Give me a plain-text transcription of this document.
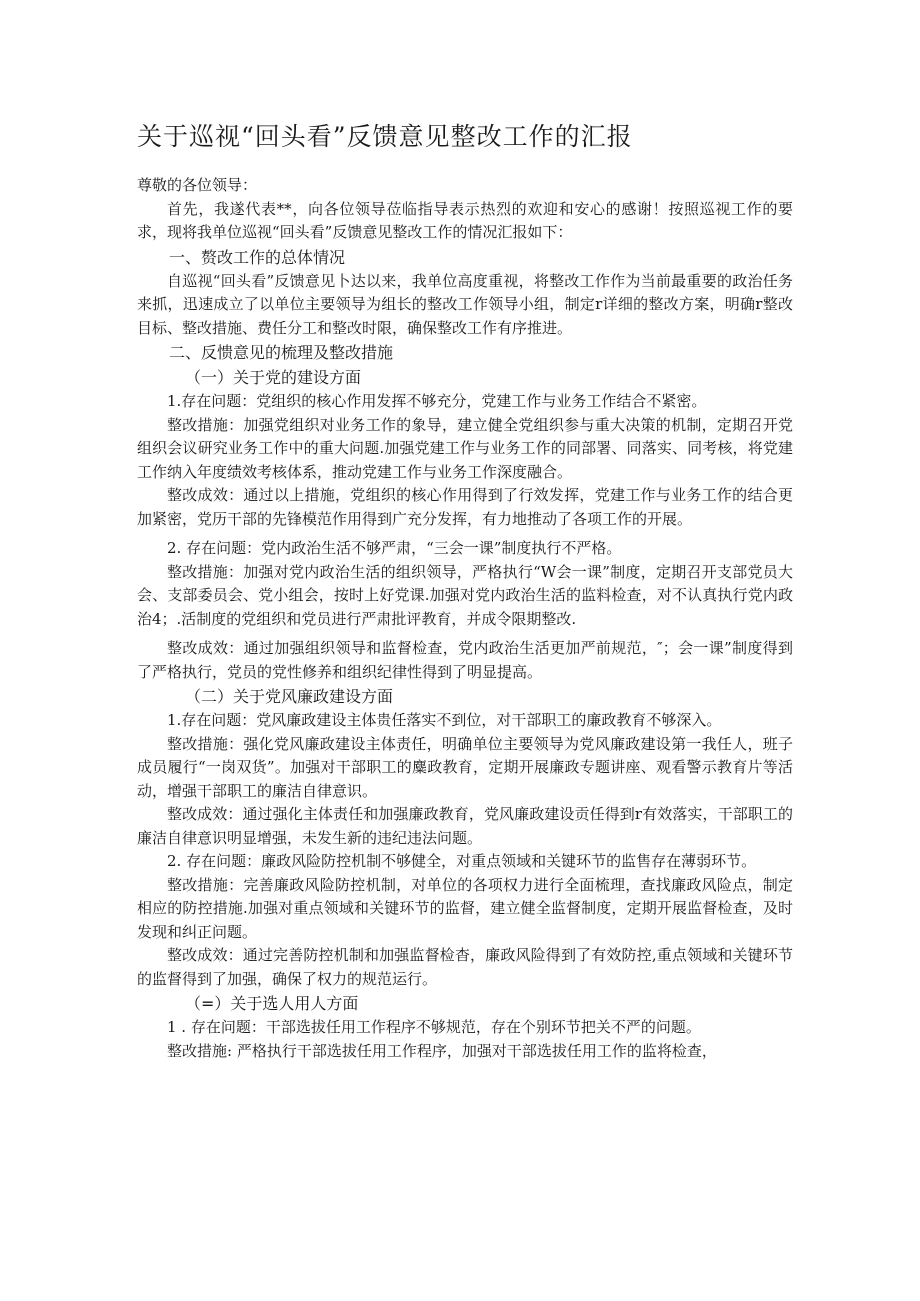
关于巡视“回头看”反馈意见整改工作的汇报

尊敬的各位领导：

首先，我遂代表**，向各位领导莅临指导表示热烈的欢迎和安心的感谢！按照巡视工作的要求，现将我单位巡视“回头看”反馈意见整改工作的情况汇报如下：

一、赘改工作的总体情况

自巡视“回头看”反馈意见卜达以来，我单位高度重视，将整改工作作为当前最重要的政治任务来抓，迅速成立了以单位主要领导为组长的整改工作领导小组，制定r详细的整改方案，明确r整改目标、整改措施、费任分工和整改时限，确保整改工作有序推进。

二、反愦意见的梳理及整改措施
（一）关于党的建设方面

1.存在问题：党组织的核心作用发挥不够充分，党建工作与业务工作结合不紧密。

整改措施：加强党组织对业务工作的象导，建立健全党组织参与重大决策的机制，定期召开党组织会议研究业务工作中的重大问题.加强党建工作与业务工作的同部署、同落实、同考核，将党建工作纳入年度绩效考核体系，推动党建工作与业务工作深度融合。

整改成效：通过以上措施，党组织的核心作用得到了行效发挥，党建工作与业务工作的结合更加紧密，党历干部的先锋模范作用得到广充分发挥，有力地推动了各项工作的开展。

2. 存在问题：党内政治生活不够严肃，“三会一课”制度执行不严格。

整改措施：加强对党内政治生活的组织领导，严格执行“W会一课”制度，定期召开支部党员大会、支部委员会、党小组会，按时上好党课.加强对党内政治生活的监料检查，对不认真执行党内政治4；.活制度的党组织和党员进行严肃批评教育，并成令限期整改.

整改成效：通过加强组织领导和监督检查，党内政治生活更加严前规范，″；会一课”制度得到了严格执行，党员的党性修养和组织纪律性得到了明显提高。

（二）关于党风廉政建设方面

1.存在问题：党风廉政建设主体贵任落实不到位，对干部职工的廉政教育不够深入。

整改措施：强化党风廉政建设主体责任，明确单位主要领导为党风廉政建设第一我任人，班子成员履行“一岗双货”。加强对干部职工的麋政教育，定期开展廉政专题讲座、观看警示教育片等活动，增强干部职工的廉洁自律意识。

整改成效：通过强化主体责任和加强廉政教育，党风廉政建设贡任得到r有效落实，干部职工的廉洁自律意识明显增强，未发生新的违纪违法问题。

2. 存在问题：廉政风险防控机制不够健全，对重点领域和关键环节的监售存在薄弱环节。

整改措施：完善廉政风险防控机制，对单位的各项权力进行全面梳理，查找廉政风险点，制定相应的防控措施.加强对重点领域和关键环节的监督，建立健全监督制度，定期开展监督检查，及时发现和纠正问题。

整改成效：通过完善防控机制和加强监督检杳，廉政风险得到了有效防控,重点领域和关键环节的监督得到了加强，确保了权力的规范运行。

（=）关于选人用人方面

1 . 存在问题：干部选拔任用工作程序不够规范，存在个别环节把关不严的问题。

整改措施: 严格执行干部选拔任用工作程序，加强对干部选拔任用工作的监将检查，
